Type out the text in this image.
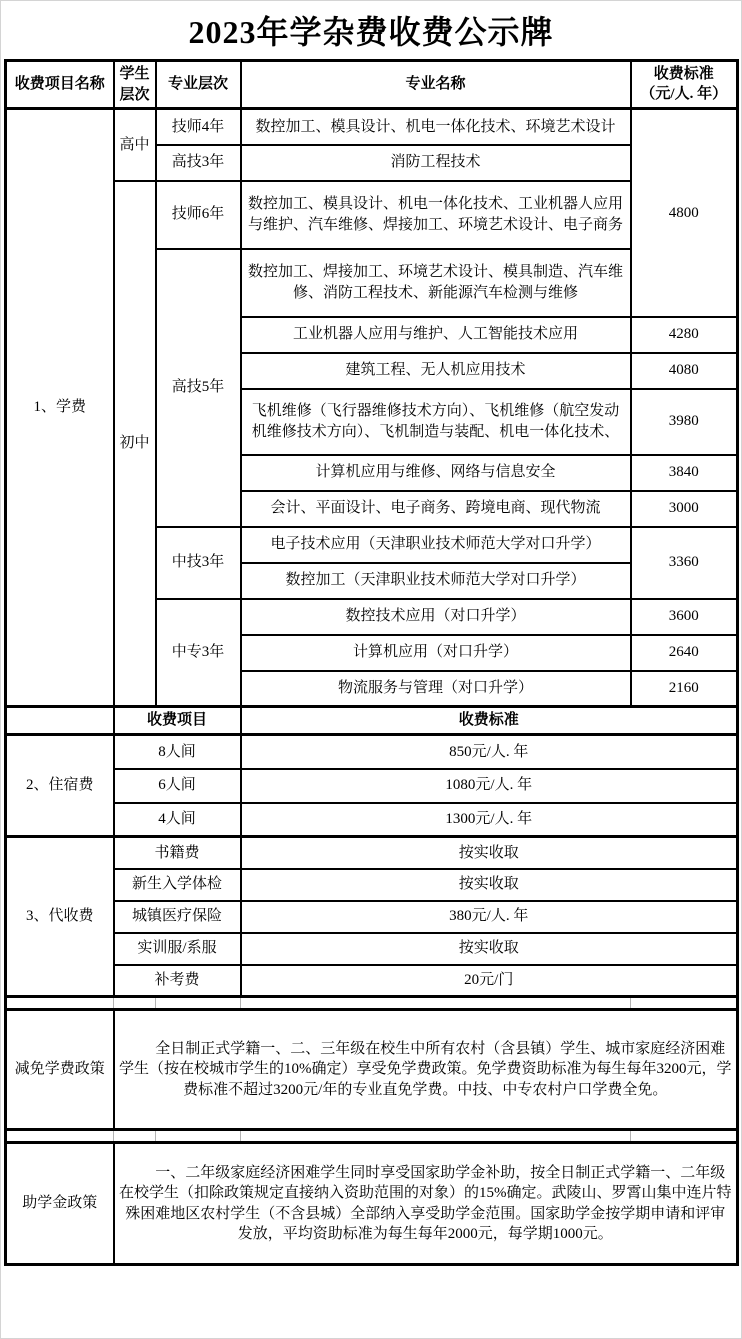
2023年学杂费收费公示牌
收费项目名称	学生层次	专业层次	专业名称	收费标准
（元/人. 年）

1、学费	高中	技师4年	数控加工、模具设计、机电一体化技术、环境艺术设计	4800
		高技3年	消防工程技术	
	初中	技师6年	数控加工、模具设计、机电一体化技术、工业机器人应用与维护、汽车维修、焊接加工、环境艺术设计、电子商务	
		高技5年	数控加工、焊接加工、环境艺术设计、模具制造、汽车维修、消防工程技术、新能源汽车检测与维修	
			工业机器人应用与维护、人工智能技术应用	4280
			建筑工程、无人机应用技术	4080
			飞机维修（飞行器维修技术方向）、飞机维修（航空发动机维修技术方向）、飞机制造与装配、机电一体化技术、	3980
			计算机应用与维修、网络与信息安全	3840
			会计、平面设计、电子商务、跨境电商、现代物流	3000
		中技3年	电子技术应用（天津职业技术师范大学对口升学）	3360
			数控加工（天津职业技术师范大学对口升学）	
		中专3年	数控技术应用（对口升学）	3600
			计算机应用（对口升学）	2640
			物流服务与管理（对口升学）	2160
	收费项目		收费标准	
2、住宿费	8人间		850元/人. 年	
	6人间		1080元/人. 年	
	4人间		1300元/人. 年	
3、代收费	书籍费		按实收取	
	新生入学体检		按实收取	
	城镇医疗保险		380元/人. 年	
	实训服/系服		按实收取	
	补考费		20元/门	

减免学费政策	全日制正式学籍一、二、三年级在校生中所有农村（含县镇）学生、城市家庭经济困难学生（按在校城市学生的10%确定）享受免学费政策。免学费资助标准为每生每年3200元，学费标准不超过3200元/年的专业直免学费。中技、中专农村户口学费全免。			

助学金政策	一、二年级家庭经济困难学生同时享受国家助学金补助，按全日制正式学籍一、二年级在校学生（扣除政策规定直接纳入资助范围的对象）的15%确定。武陵山、罗霄山集中连片特殊困难地区农村学生（不含县城）全部纳入享受助学金范围。国家助学金按学期申请和评审发放，平均资助标准为每生每年2000元，每学期1000元。			
